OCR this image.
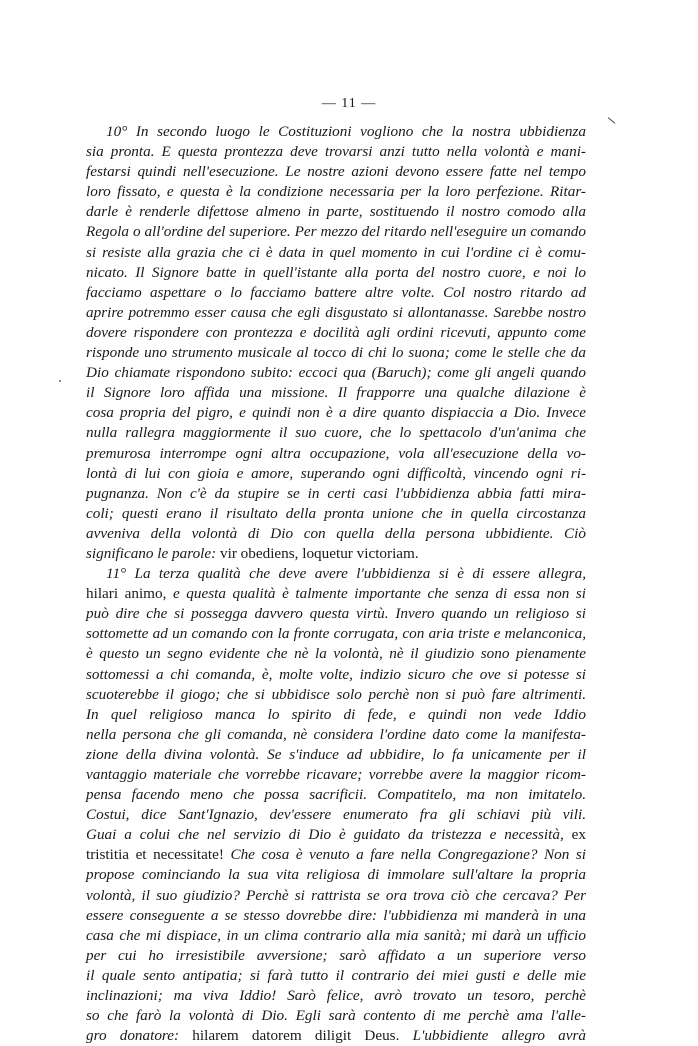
— 11 —
10° In secondo luogo le Costituzioni vogliono che la nostra ubbidienza
sia pronta. E questa prontezza deve trovarsi anzi tutto nella volontà e mani-
festarsi quindi nell'esecuzione. Le nostre azioni devono essere fatte nel tempo
loro fissato, e questa è la condizione necessaria per la loro perfezione. Ritar-
darle è renderle difettose almeno in parte, sostituendo il nostro comodo alla
Regola o all'ordine del superiore. Per mezzo del ritardo nell'eseguire un comando
si resiste alla grazia che ci è data in quel momento in cui l'ordine ci è comu-
nicato. Il Signore batte in quell'istante alla porta del nostro cuore, e noi lo
facciamo aspettare o lo facciamo battere altre volte. Col nostro ritardo ad
aprire potremmo esser causa che egli disgustato si allontanasse. Sarebbe nostro
dovere rispondere con prontezza e docilità agli ordini ricevuti, appunto come
risponde uno strumento musicale al tocco di chi lo suona; come le stelle che da
Dio chiamate rispondono subito: eccoci qua (Baruch); come gli angeli quando
il Signore loro affida una missione. Il frapporre una qualche dilazione è
cosa propria del pigro, e quindi non è a dire quanto dispiaccia a Dio. Invece
nulla rallegra maggiormente il suo cuore, che lo spettacolo d'un'anima che
premurosa interrompe ogni altra occupazione, vola all'esecuzione della vo-
lontà di lui con gioia e amore, superando ogni difficoltà, vincendo ogni ri-
pugnanza. Non c'è da stupire se in certi casi l'ubbidienza abbia fatti mira-
coli; questi erano il risultato della pronta unione che in quella circostanza
avveniva della volontà di Dio con quella della persona ubbidiente. Ciò
significano le parole: vir obediens, loquetur victoriam.
11° La terza qualità che deve avere l'ubbidienza si è di essere allegra,
hilari animo, e questa qualità è talmente importante che senza di essa non si
può dire che si possegga davvero questa virtù. Invero quando un religioso si
sottomette ad un comando con la fronte corrugata, con aria triste e melanconica,
è questo un segno evidente che nè la volontà, nè il giudizio sono pienamente
sottomessi a chi comanda, è, molte volte, indizio sicuro che ove si potesse si
scuoterebbe il giogo; che si ubbidisce solo perchè non si può fare altrimenti.
In quel religioso manca lo spirito di fede, e quindi non vede Iddio
nella persona che gli comanda, nè considera l'ordine dato come la manifesta-
zione della divina volontà. Se s'induce ad ubbidire, lo fa unicamente per il
vantaggio materiale che vorrebbe ricavare; vorrebbe avere la maggior ricom-
pensa facendo meno che possa sacrificii. Compatitelo, ma non imitatelo.
Costui, dice Sant'Ignazio, dev'essere enumerato fra gli schiavi più vili.
Guai a colui che nel servizio di Dio è guidato da tristezza e necessità, ex
tristitia et necessitate! Che cosa è venuto a fare nella Congregazione? Non si
propose cominciando la sua vita religiosa di immolare sull'altare la propria
volontà, il suo giudizio? Perchè si rattrista se ora trova ciò che cercava? Per
essere conseguente a se stesso dovrebbe dire: l'ubbidienza mi manderà in una
casa che mi dispiace, in un clima contrario alla mia sanità; mi darà un ufficio
per cui ho irresistibile avversione; sarò affidato a un superiore verso
il quale sento antipatia; si farà tutto il contrario dei miei gusti e delle mie
inclinazioni; ma viva Iddio! Sarò felice, avrò trovato un tesoro, perchè
so che farò la volontà di Dio. Egli sarà contento di me perchè ama l'alle-
gro donatore: hilarem datorem diligit Deus. L'ubbidiente allegro avrà
